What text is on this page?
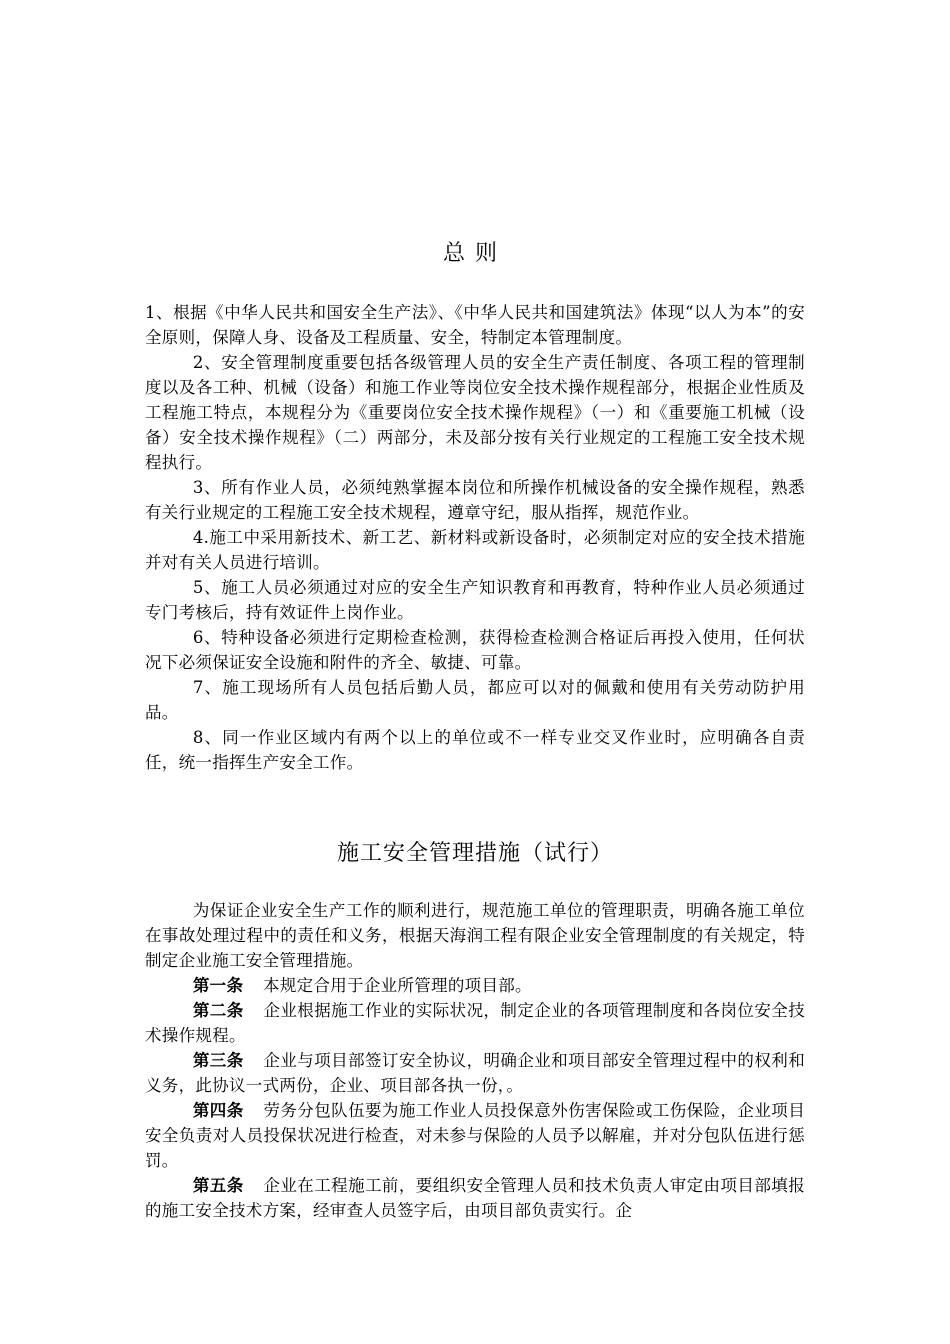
总则

1、根据《中华人民共和国安全生产法》、《中华人民共和国建筑法》体现“以人为本”的安全原则，保障人身、设备及工程质量、安全，特制定本管理制度。

2、安全管理制度重要包括各级管理人员的安全生产责任制度、各项工程的管理制度以及各工种、机械（设备）和施工作业等岗位安全技术操作规程部分，根据企业性质及工程施工特点，本规程分为《重要岗位安全技术操作规程》（一）和《重要施工机械（设备）安全技术操作规程》（二）两部分，未及部分按有关行业规定的工程施工安全技术规程执行。

3、所有作业人员，必须纯熟掌握本岗位和所操作机械设备的安全操作规程，熟悉有关行业规定的工程施工安全技术规程，遵章守纪，服从指挥，规范作业。

4.施工中采用新技术、新工艺、新材料或新设备时，必须制定对应的安全技术措施并对有关人员进行培训。

5、施工人员必须通过对应的安全生产知识教育和再教育，特种作业人员必须通过专门考核后，持有效证件上岗作业。

6、特种设备必须进行定期检查检测，获得检查检测合格证后再投入使用，任何状况下必须保证安全设施和附件的齐全、敏捷、可靠。

7、施工现场所有人员包括后勤人员，都应可以对的佩戴和使用有关劳动防护用品。

8、同一作业区域内有两个以上的单位或不一样专业交叉作业时，应明确各自责任，统一指挥生产安全工作。

施工安全管理措施（试行）

为保证企业安全生产工作的顺利进行，规范施工单位的管理职责，明确各施工单位在事故处理过程中的责任和义务，根据天海润工程有限企业安全管理制度的有关规定，特制定企业施工安全管理措施。

第一条 本规定合用于企业所管理的项目部。

第二条 企业根据施工作业的实际状况，制定企业的各项管理制度和各岗位安全技术操作规程。

第三条 企业与项目部签订安全协议，明确企业和项目部安全管理过程中的权利和义务，此协议一式两份，企业、项目部各执一份，。

第四条 劳务分包队伍要为施工作业人员投保意外伤害保险或工伤保险，企业项目安全负责对人员投保状况进行检查，对未参与保险的人员予以解雇，并对分包队伍进行惩罚。

第五条 企业在工程施工前，要组织安全管理人员和技术负责人审定由项目部填报的施工安全技术方案，经审查人员签字后，由项目部负责实行。企
